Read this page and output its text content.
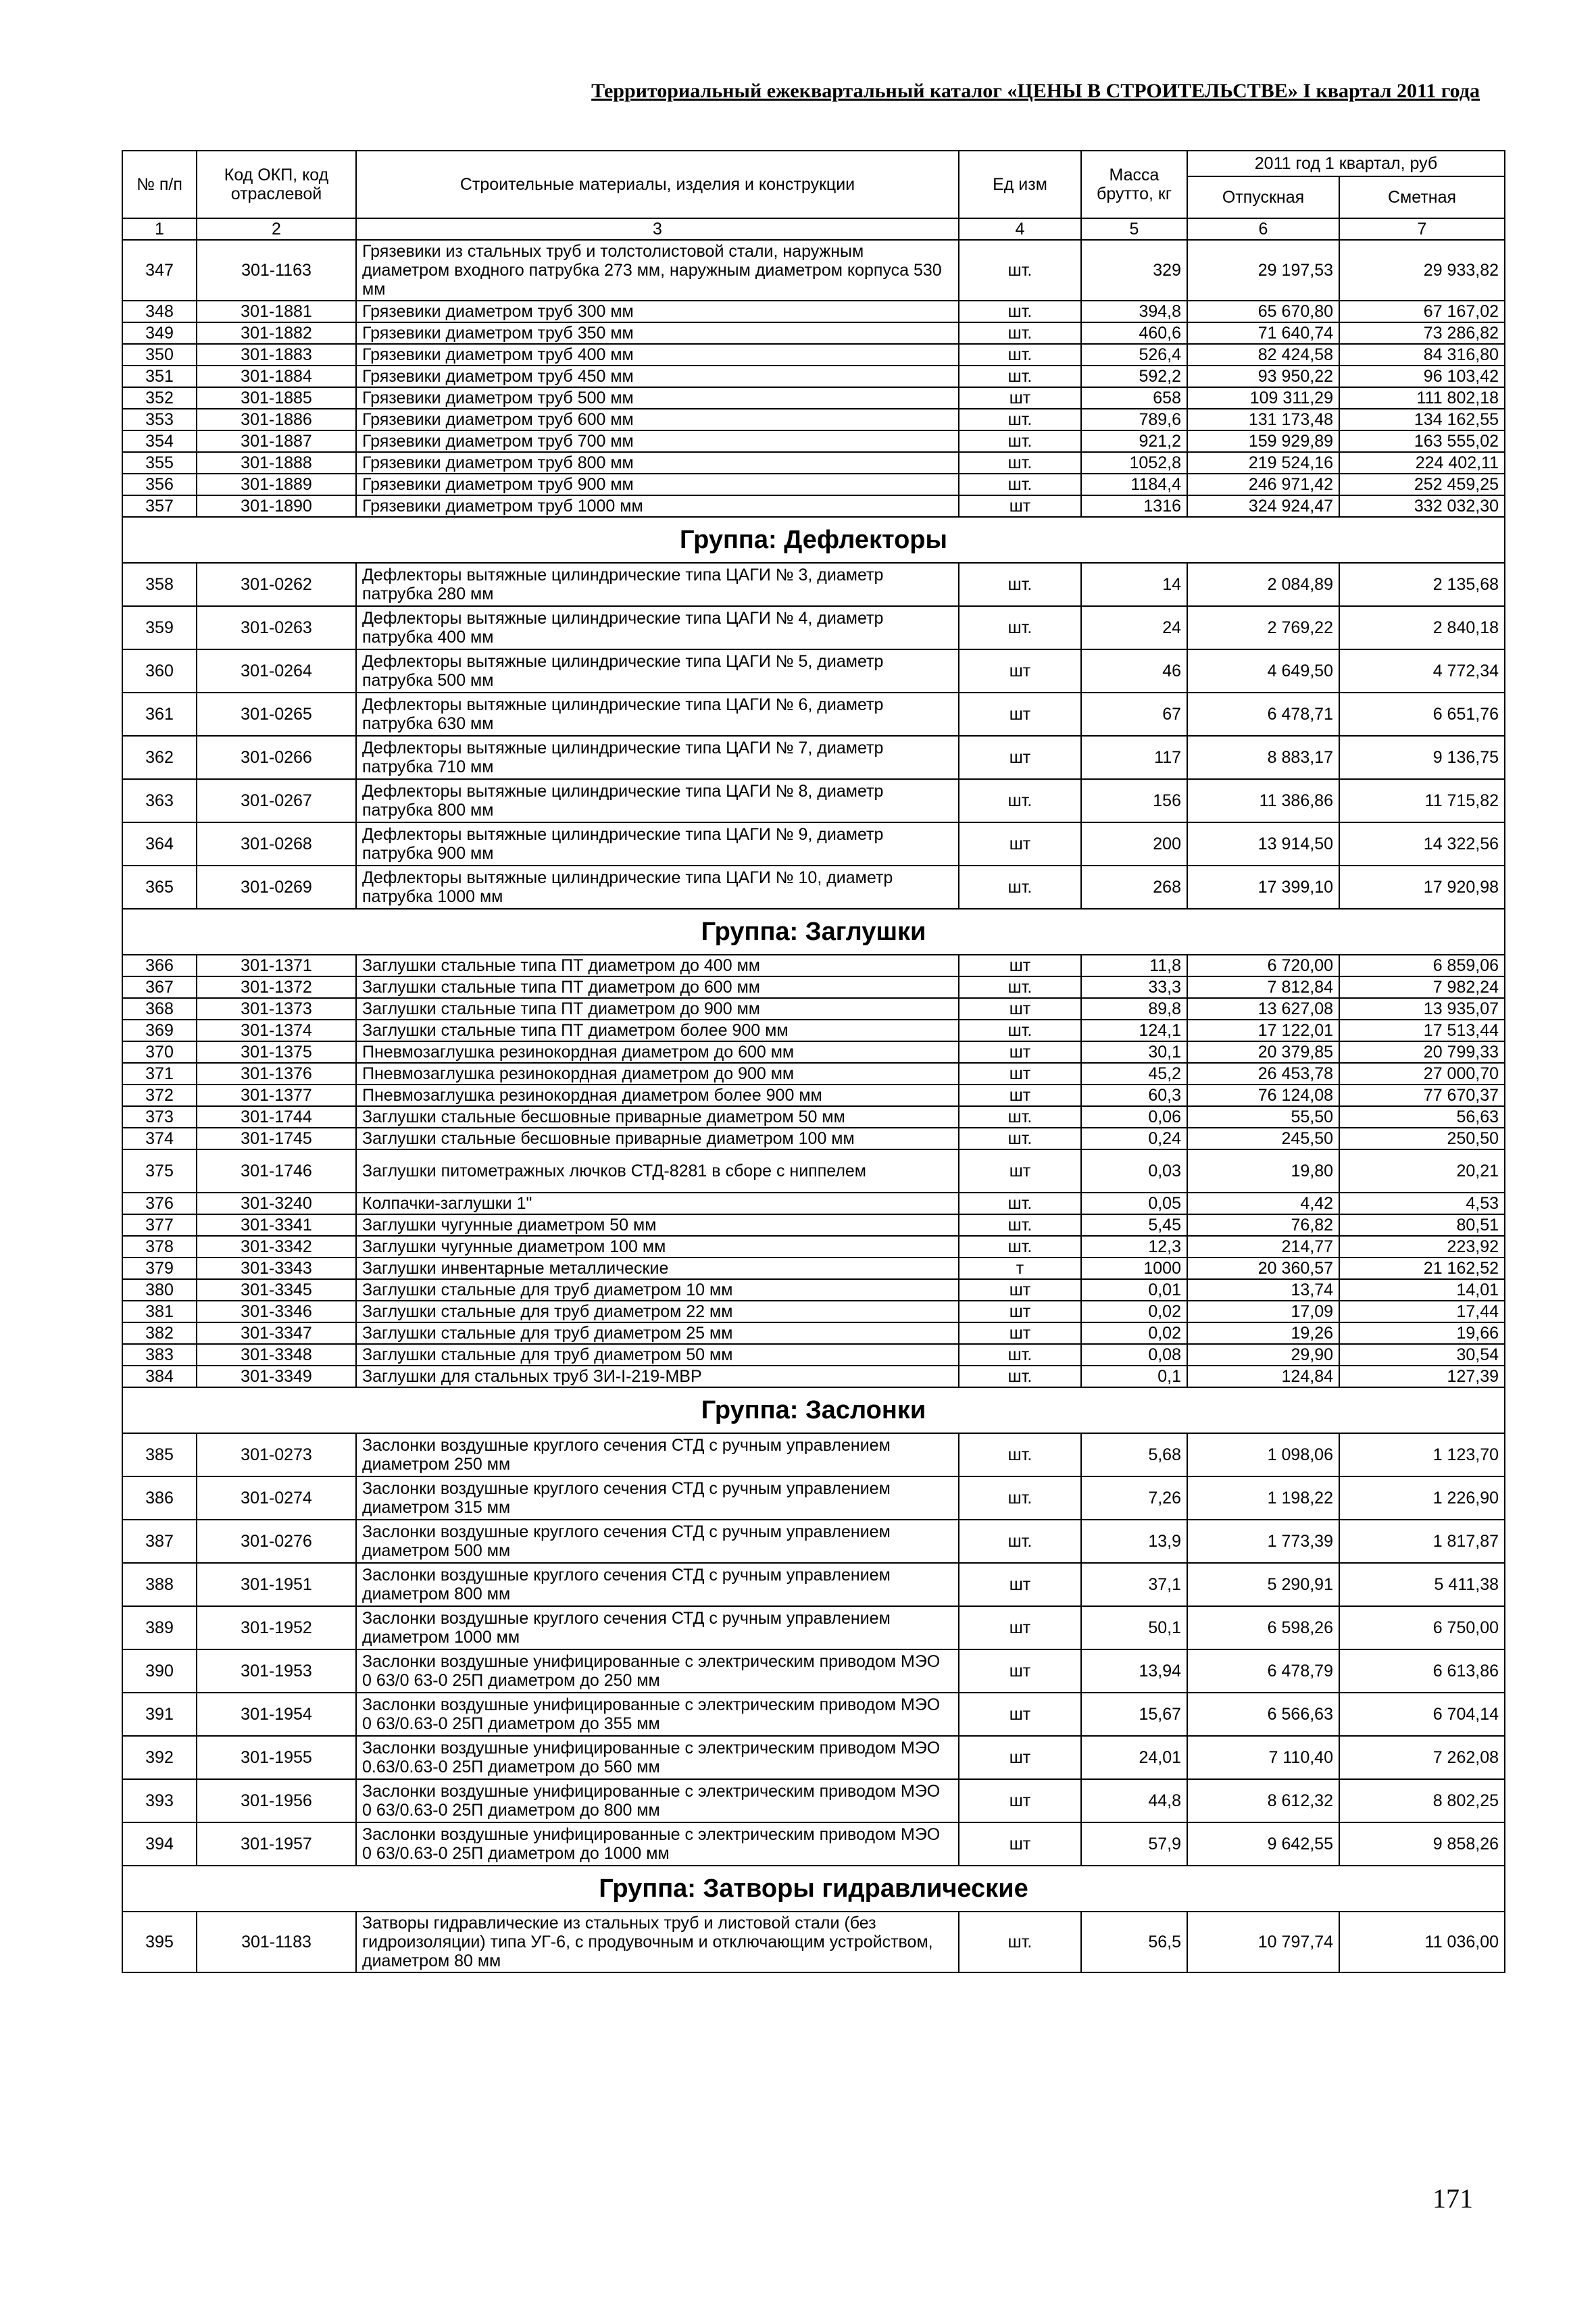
Территориальный ежеквартальный каталог «ЦЕНЫ В СТРОИТЕЛЬСТВЕ» I квартал 2011 года
№ п/п	Код ОКП, код отраслевой	Строительные материалы, изделия и конструкции	Ед изм	Масса брутто, кг	2011 год 1 квартал, руб	
					Отпускная	Сметная
1	2	3	4	5	6	7
347	301-1163	Грязевики из стальных труб и толстолистовой стали, наружным диаметром входного патрубка 273 мм, наружным диаметром корпуса 530 мм	шт.	329	29 197,53	29 933,82
348	301-1881	Грязевики диаметром труб 300 мм	шт.	394,8	65 670,80	67 167,02
349	301-1882	Грязевики диаметром труб 350 мм	шт.	460,6	71 640,74	73 286,82
350	301-1883	Грязевики диаметром труб 400 мм	шт.	526,4	82 424,58	84 316,80
351	301-1884	Грязевики диаметром труб 450 мм	шт.	592,2	93 950,22	96 103,42
352	301-1885	Грязевики диаметром труб 500 мм	шт	658	109 311,29	111 802,18
353	301-1886	Грязевики диаметром труб 600 мм	шт.	789,6	131 173,48	134 162,55
354	301-1887	Грязевики диаметром труб 700 мм	шт.	921,2	159 929,89	163 555,02
355	301-1888	Грязевики диаметром труб 800 мм	шт.	1052,8	219 524,16	224 402,11
356	301-1889	Грязевики диаметром труб 900 мм	шт.	1184,4	246 971,42	252 459,25
357	301-1890	Грязевики диаметром труб 1000 мм	шт	1316	324 924,47	332 032,30
Группа: Дефлекторы						
358	301-0262	Дефлекторы вытяжные цилиндрические типа ЦАГИ № 3, диаметр патрубка 280 мм	шт.	14	2 084,89	2 135,68
359	301-0263	Дефлекторы вытяжные цилиндрические типа ЦАГИ № 4, диаметр патрубка 400 мм	шт.	24	2 769,22	2 840,18
360	301-0264	Дефлекторы вытяжные цилиндрические типа ЦАГИ № 5, диаметр патрубка 500 мм	шт	46	4 649,50	4 772,34
361	301-0265	Дефлекторы вытяжные цилиндрические типа ЦАГИ № 6, диаметр патрубка 630 мм	шт	67	6 478,71	6 651,76
362	301-0266	Дефлекторы вытяжные цилиндрические типа ЦАГИ № 7, диаметр патрубка 710 мм	шт	117	8 883,17	9 136,75
363	301-0267	Дефлекторы вытяжные цилиндрические типа ЦАГИ № 8, диаметр патрубка 800 мм	шт.	156	11 386,86	11 715,82
364	301-0268	Дефлекторы вытяжные цилиндрические типа ЦАГИ № 9, диаметр патрубка 900 мм	шт	200	13 914,50	14 322,56
365	301-0269	Дефлекторы вытяжные цилиндрические типа ЦАГИ № 10, диаметр патрубка 1000 мм	шт.	268	17 399,10	17 920,98
Группа: Заглушки						
366	301-1371	Заглушки стальные типа ПТ диаметром до 400 мм	шт	11,8	6 720,00	6 859,06
367	301-1372	Заглушки стальные типа ПТ диаметром до 600 мм	шт.	33,3	7 812,84	7 982,24
368	301-1373	Заглушки стальные типа ПТ диаметром до 900 мм	шт	89,8	13 627,08	13 935,07
369	301-1374	Заглушки стальные типа ПТ диаметром более 900 мм	шт.	124,1	17 122,01	17 513,44
370	301-1375	Пневмозаглушка резинокордная диаметром до 600 мм	шт	30,1	20 379,85	20 799,33
371	301-1376	Пневмозаглушка резинокордная диаметром до 900 мм	шт	45,2	26 453,78	27 000,70
372	301-1377	Пневмозаглушка резинокордная диаметром более 900 мм	шт	60,3	76 124,08	77 670,37
373	301-1744	Заглушки стальные бесшовные приварные диаметром 50 мм	шт.	0,06	55,50	56,63
374	301-1745	Заглушки стальные бесшовные приварные диаметром 100 мм	шт.	0,24	245,50	250,50
375	301-1746	Заглушки питометражных лючков СТД-8281 в сборе с ниппелем	шт	0,03	19,80	20,21
376	301-3240	Колпачки-заглушки 1"	шт.	0,05	4,42	4,53
377	301-3341	Заглушки чугунные диаметром 50 мм	шт.	5,45	76,82	80,51
378	301-3342	Заглушки чугунные диаметром 100 мм	шт.	12,3	214,77	223,92
379	301-3343	Заглушки инвентарные металлические	т	1000	20 360,57	21 162,52
380	301-3345	Заглушки стальные для труб диаметром 10 мм	шт	0,01	13,74	14,01
381	301-3346	Заглушки стальные для труб диаметром 22 мм	шт	0,02	17,09	17,44
382	301-3347	Заглушки стальные для труб диаметром 25 мм	шт	0,02	19,26	19,66
383	301-3348	Заглушки стальные для труб диаметром 50 мм	шт.	0,08	29,90	30,54
384	301-3349	Заглушки для стальных труб ЗИ-I-219-МВР	шт.	0,1	124,84	127,39
Группа: Заслонки						
385	301-0273	Заслонки воздушные круглого сечения СТД с ручным управлением диаметром 250 мм	шт.	5,68	1 098,06	1 123,70
386	301-0274	Заслонки воздушные круглого сечения СТД с ручным управлением диаметром 315 мм	шт.	7,26	1 198,22	1 226,90
387	301-0276	Заслонки воздушные круглого сечения СТД с ручным управлением диаметром 500 мм	шт.	13,9	1 773,39	1 817,87
388	301-1951	Заслонки воздушные круглого сечения СТД с ручным управлением диаметром 800 мм	шт	37,1	5 290,91	5 411,38
389	301-1952	Заслонки воздушные круглого сечения СТД с ручным управлением диаметром 1000 мм	шт	50,1	6 598,26	6 750,00
390	301-1953	Заслонки воздушные унифицированные с электрическим приводом МЭО 0 63/0 63-0 25П диаметром до 250 мм	шт	13,94	6 478,79	6 613,86
391	301-1954	Заслонки воздушные унифицированные с электрическим приводом МЭО 0 63/0.63-0 25П диаметром до 355 мм	шт	15,67	6 566,63	6 704,14
392	301-1955	Заслонки воздушные унифицированные с электрическим приводом МЭО 0.63/0.63-0 25П диаметром до 560 мм	шт	24,01	7 110,40	7 262,08
393	301-1956	Заслонки воздушные унифицированные с электрическим приводом МЭО 0 63/0.63-0 25П диаметром до 800 мм	шт	44,8	8 612,32	8 802,25
394	301-1957	Заслонки воздушные унифицированные с электрическим приводом МЭО 0 63/0.63-0 25П диаметром до 1000 мм	шт	57,9	9 642,55	9 858,26
Группа: Затворы гидравлические						
395	301-1183	Затворы гидравлические из стальных труб и листовой стали (без гидроизоляции) типа УГ-6, с продувочным и отключающим устройством, диаметром 80 мм	шт.	56,5	10 797,74	11 036,00
171
